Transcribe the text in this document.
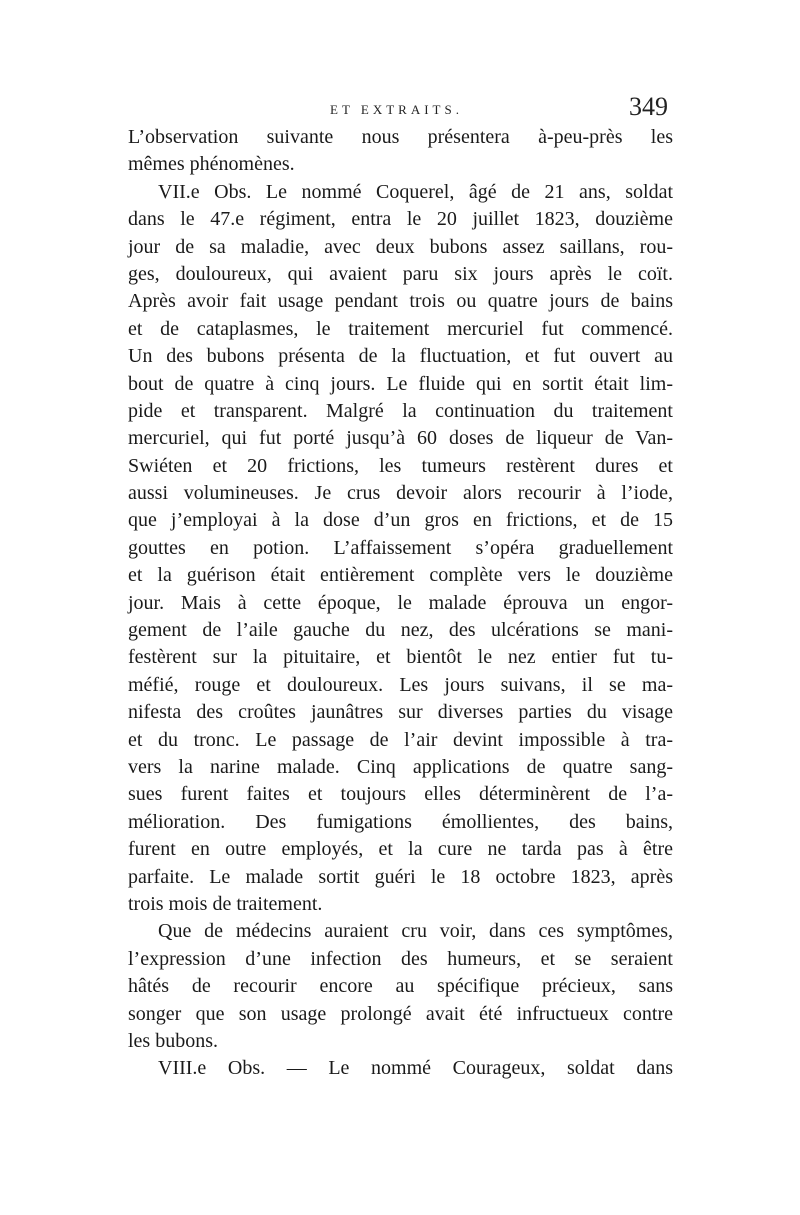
ET EXTRAITS.	349
L’observation suivante nous présentera à-peu-près les
mêmes phénomènes.
VII.e Obs. Le nommé Coquerel, âgé de 21 ans, soldat
dans le 47.e régiment, entra le 20 juillet 1823, douzième
jour de sa maladie, avec deux bubons assez saillans, rou-
ges, douloureux, qui avaient paru six jours après le coït.
Après avoir fait usage pendant trois ou quatre jours de bains
et de cataplasmes, le traitement mercuriel fut commencé.
Un des bubons présenta de la fluctuation, et fut ouvert au
bout de quatre à cinq jours. Le fluide qui en sortit était lim-
pide et transparent. Malgré la continuation du traitement
mercuriel, qui fut porté jusqu’à 60 doses de liqueur de Van-
Swiéten et 20 frictions, les tumeurs restèrent dures et
aussi volumineuses. Je crus devoir alors recourir à l’iode,
que j’employai à la dose d’un gros en frictions, et de 15
gouttes en potion. L’affaissement s’opéra graduellement
et la guérison était entièrement complète vers le douzième
jour. Mais à cette époque, le malade éprouva un engor-
gement de l’aile gauche du nez, des ulcérations se mani-
festèrent sur la pituitaire, et bientôt le nez entier fut tu-
méfié, rouge et douloureux. Les jours suivans, il se ma-
nifesta des croûtes jaunâtres sur diverses parties du visage
et du tronc. Le passage de l’air devint impossible à tra-
vers la narine malade. Cinq applications de quatre sang-
sues furent faites et toujours elles déterminèrent de l’a-
mélioration. Des fumigations émollientes, des bains,
furent en outre employés, et la cure ne tarda pas à être
parfaite. Le malade sortit guéri le 18 octobre 1823, après
trois mois de traitement.
Que de médecins auraient cru voir, dans ces symptômes,
l’expression d’une infection des humeurs, et se seraient
hâtés de recourir encore au spécifique précieux, sans
songer que son usage prolongé avait été infructueux contre
les bubons.
VIII.e Obs. — Le nommé Courageux, soldat dans
